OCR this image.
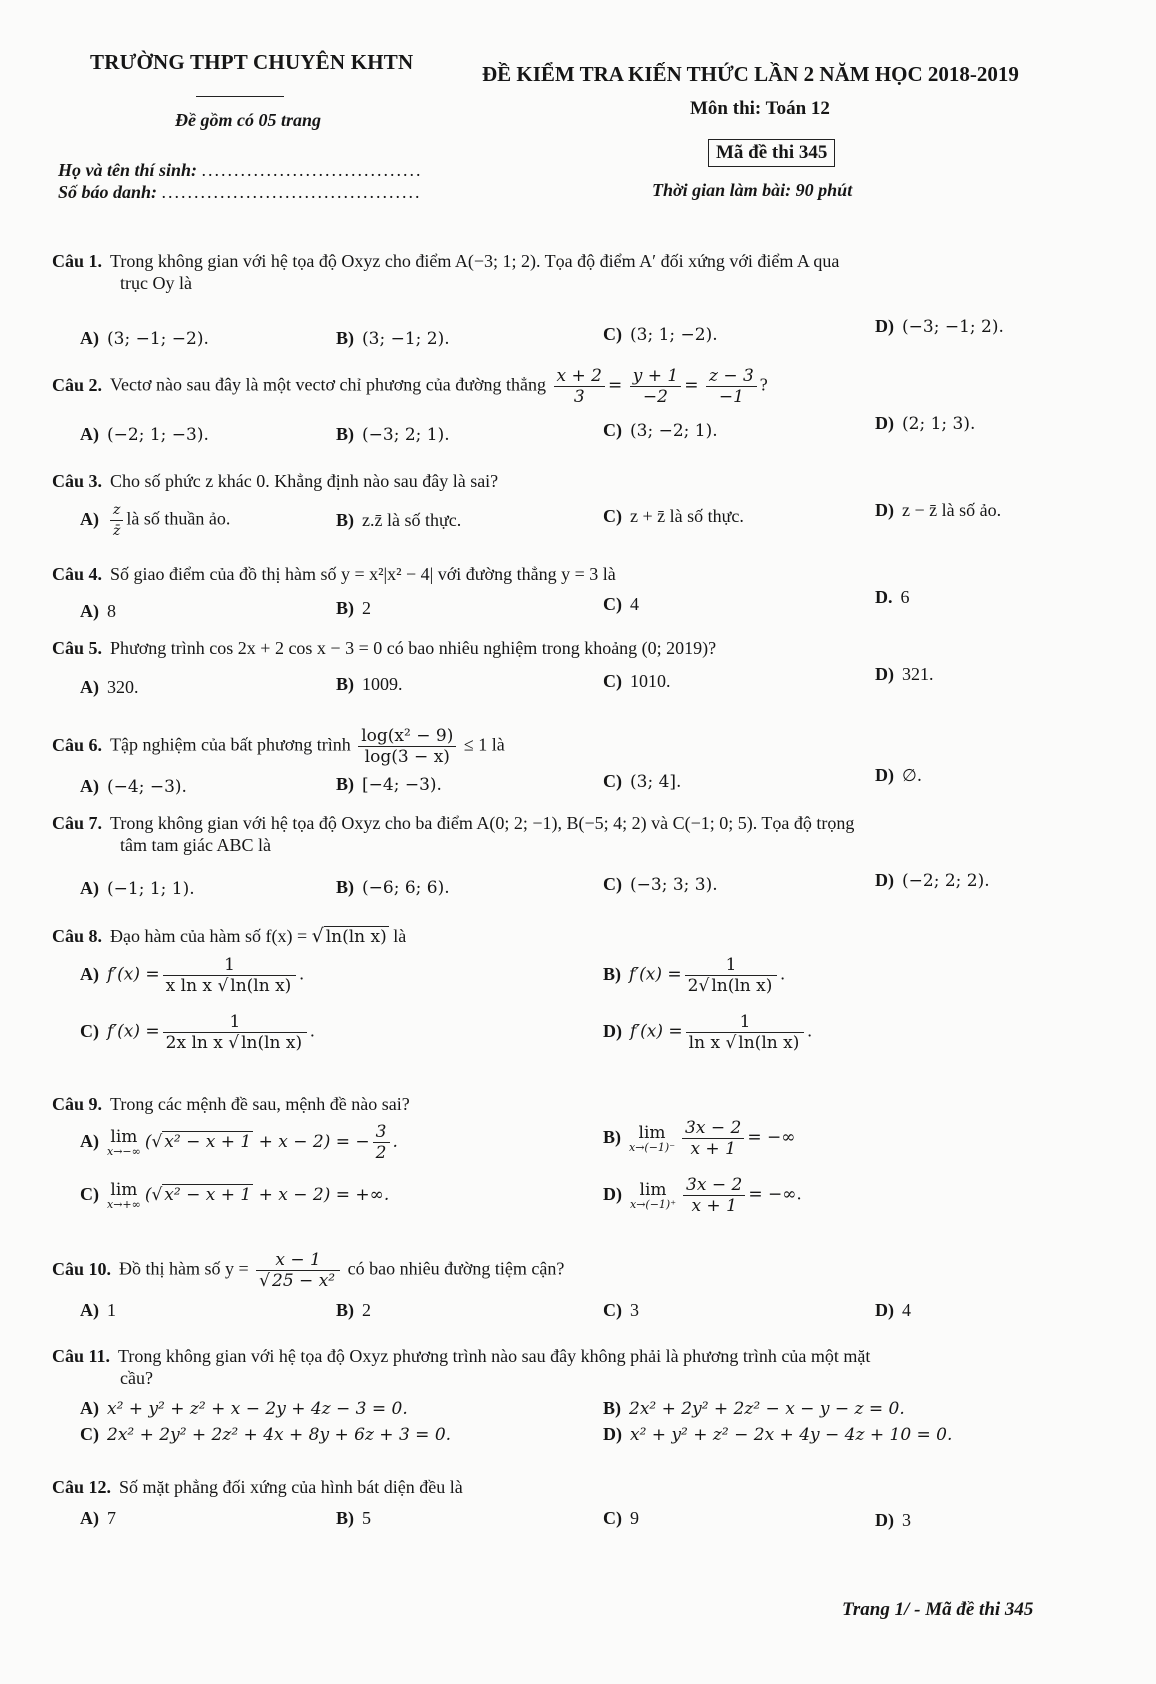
TRƯỜNG THPT CHUYÊN KHTN
Đề gồm có 05 trang
Họ và tên thí sinh: ..................................
Số báo danh: ........................................
ĐỀ KIỂM TRA KIẾN THỨC LẦN 2 NĂM HỌC 2018-2019
Môn thi: Toán 12
Mã đề thi 345
Thời gian làm bài: 90 phút
Câu 1. Trong không gian với hệ tọa độ Oxyz cho điểm A(−3; 1; 2). Tọa độ điểm A′ đối xứng với điểm A qua
trục Oy là
A) (3; −1; −2).	B) (3; −1; 2).	C) (3; 1; −2).	D) (−3; −1; 2).
Câu 2. Vectơ nào sau đây là một vectơ chỉ phương của đường thẳng $\frac{x + 2}{3} = \frac{y + 1}{-2} = \frac{z - 3}{-1}$ ?
A) (−2; 1; −3).	B) (−3; 2; 1).	C) (3; −2; 1).	D) (2; 1; 3).
Câu 3. Cho số phức z khác 0. Khẳng định nào sau đây là sai?
$A) \frac{z}{z̄}$ là số thuần ảo.	B) z.z̄ là số thực.	C) z + z̄ là số thực.	D) z − z̄ là số ảo.
Câu 4. Số giao điểm của đồ thị hàm số y = x²|x² − 4| với đường thẳng y = 3 là
A) 8	B) 2	C) 4	D. 6
Câu 5. Phương trình cos 2x + 2 cos x − 3 = 0 có bao nhiêu nghiệm trong khoảng (0; 2019)?
A) 320.	B) 1009.	C) 1010.	D) 321.
Câu 6. Tập nghiệm của bất phương trình $\frac{\text{log(x² − 9)}}{\log(3 - x)} \le 1$ là
A) (−4; −3).	B) [−4; −3).	C) (3; 4].	D) ∅.
Câu 7. Trong không gian với hệ tọa độ Oxyz cho ba điểm A(0; 2; −1), B(−5; 4; 2) và C(−1; 0; 5). Tọa độ trọng
tâm tam giác ABC là
A) (−1; 1; 1).	B) (−6; 6; 6).	C) (−3; 3; 3).	D) (−2; 2; 2).
Câu 8. Đạo hàm của hàm số f(x) = √ ln(ln x) là
A) $f'(x) = \frac{1}{\text{x ln x √ ln(ln x)}}$ .	B) $f'(x) = \frac{1}{\text{2√ ln(ln x)}}$ .
C) $f'(x) = \frac{1}{\text{2x ln x √ ln(ln x)}}$ .	D) $f'(x) = \frac{1}{\text{ln x √ ln(ln x)}}$ .
Câu 9. Trong các mệnh đề sau, mệnh đề nào sai?
A) lim
x→−∞ (√ x² − x + 1 + x − 2) = − $\frac{3}{2}$ .	B)	lim
$x\to(-1)^- \frac{3x - 2}{x + 1}$ = −∞
C) lim
x→+∞ (√ x² − x + 1 + x − 2) = +∞.	D)	lim
$x\to(-1)^+ \frac{3x - 2}{x + 1}$ = −∞.
Câu 10. Đồ thị hàm số $y = \frac{x - 1}{\text{√ 25 − x²}}$ có bao nhiêu đường tiệm cận?
A) 1	B) 2	C) 3	D) 4
Câu 11. Trong không gian với hệ tọa độ Oxyz phương trình nào sau đây không phải là phương trình của một mặt
cầu?
A) x² + y² + z² + x − 2y + 4z − 3 = 0.	B) 2x² + 2y² + 2z² − x − y − z = 0.
C) 2x² + 2y² + 2z² + 4x + 8y + 6z + 3 = 0.	D) x² + y² + z² − 2x + 4y − 4z + 10 = 0.
Câu 12. Số mặt phẳng đối xứng của hình bát diện đều là
A) 7	B) 5	C) 9	D) 3
Trang 1/ - Mã đề thi 345
